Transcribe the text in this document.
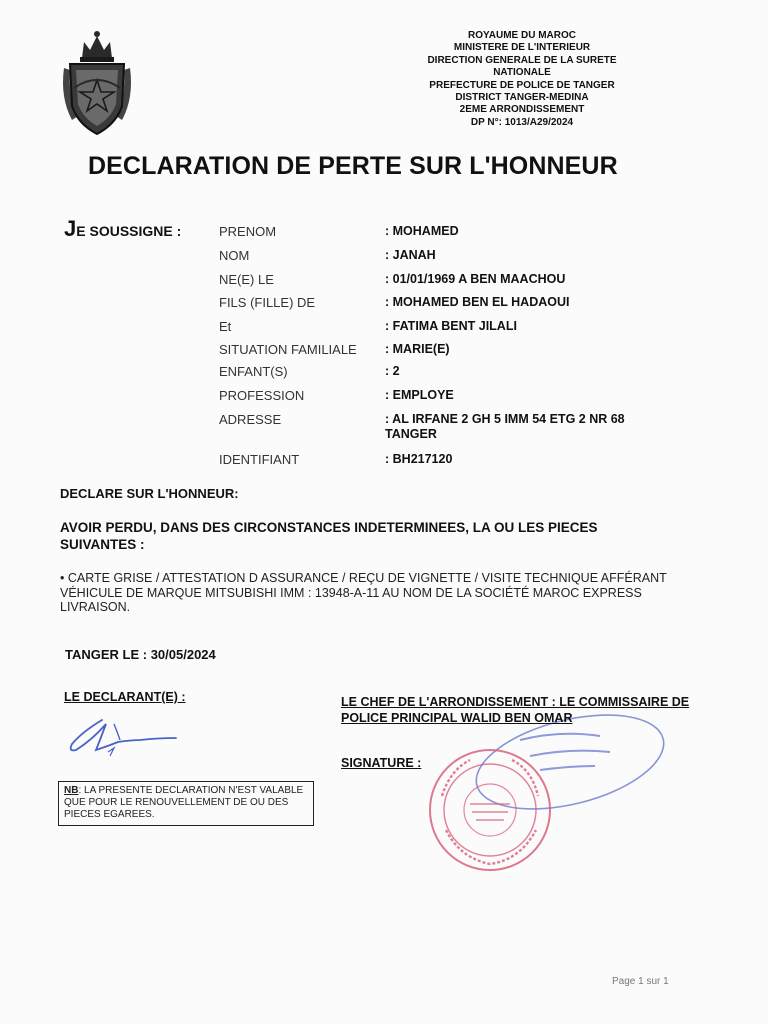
ROYAUME DU MAROC
MINISTERE DE L'INTERIEUR
DIRECTION GENERALE DE LA SURETE
NATIONALE
PREFECTURE DE POLICE DE TANGER
DISTRICT TANGER-MEDINA
2EME ARRONDISSEMENT
DP N°: 1013/A29/2024
DECLARATION DE PERTE SUR L'HONNEUR
JE SOUSSIGNE :	PRENOM	: MOHAMED
NOM	: JANAH
NE(E) LE	: 01/01/1969 A BEN MAACHOU
FILS (FILLE) DE	: MOHAMED BEN EL HADAOUI
Et	: FATIMA BENT JILALI
SITUATION FAMILIALE : MARIE(E)
ENFANT(S)	: 2
PROFESSION	: EMPLOYE
ADRESSE	: AL IRFANE 2 GH 5 IMM 54 ETG 2 NR 68 TANGER
IDENTIFIANT	: BH217120
DECLARE SUR L'HONNEUR:
AVOIR PERDU, DANS DES CIRCONSTANCES INDETERMINEES, LA OU LES PIECES SUIVANTES :
• CARTE GRISE / ATTESTATION D ASSURANCE / REÇU DE VIGNETTE / VISITE TECHNIQUE AFFÉRANT VÉHICULE DE MARQUE MITSUBISHI IMM : 13948-A-11 AU NOM DE LA SOCIÉTÉ MAROC EXPRESS LIVRAISON.
TANGER LE : 30/05/2024
LE DECLARANT(E) :
NB: LA PRESENTE DECLARATION N'EST VALABLE QUE POUR LE RENOUVELLEMENT DE OU DES PIECES EGAREES.
LE CHEF DE L'ARRONDISSEMENT : LE COMMISSAIRE DE POLICE PRINCIPAL WALID BEN OMAR
SIGNATURE :
Page 1 sur 1
